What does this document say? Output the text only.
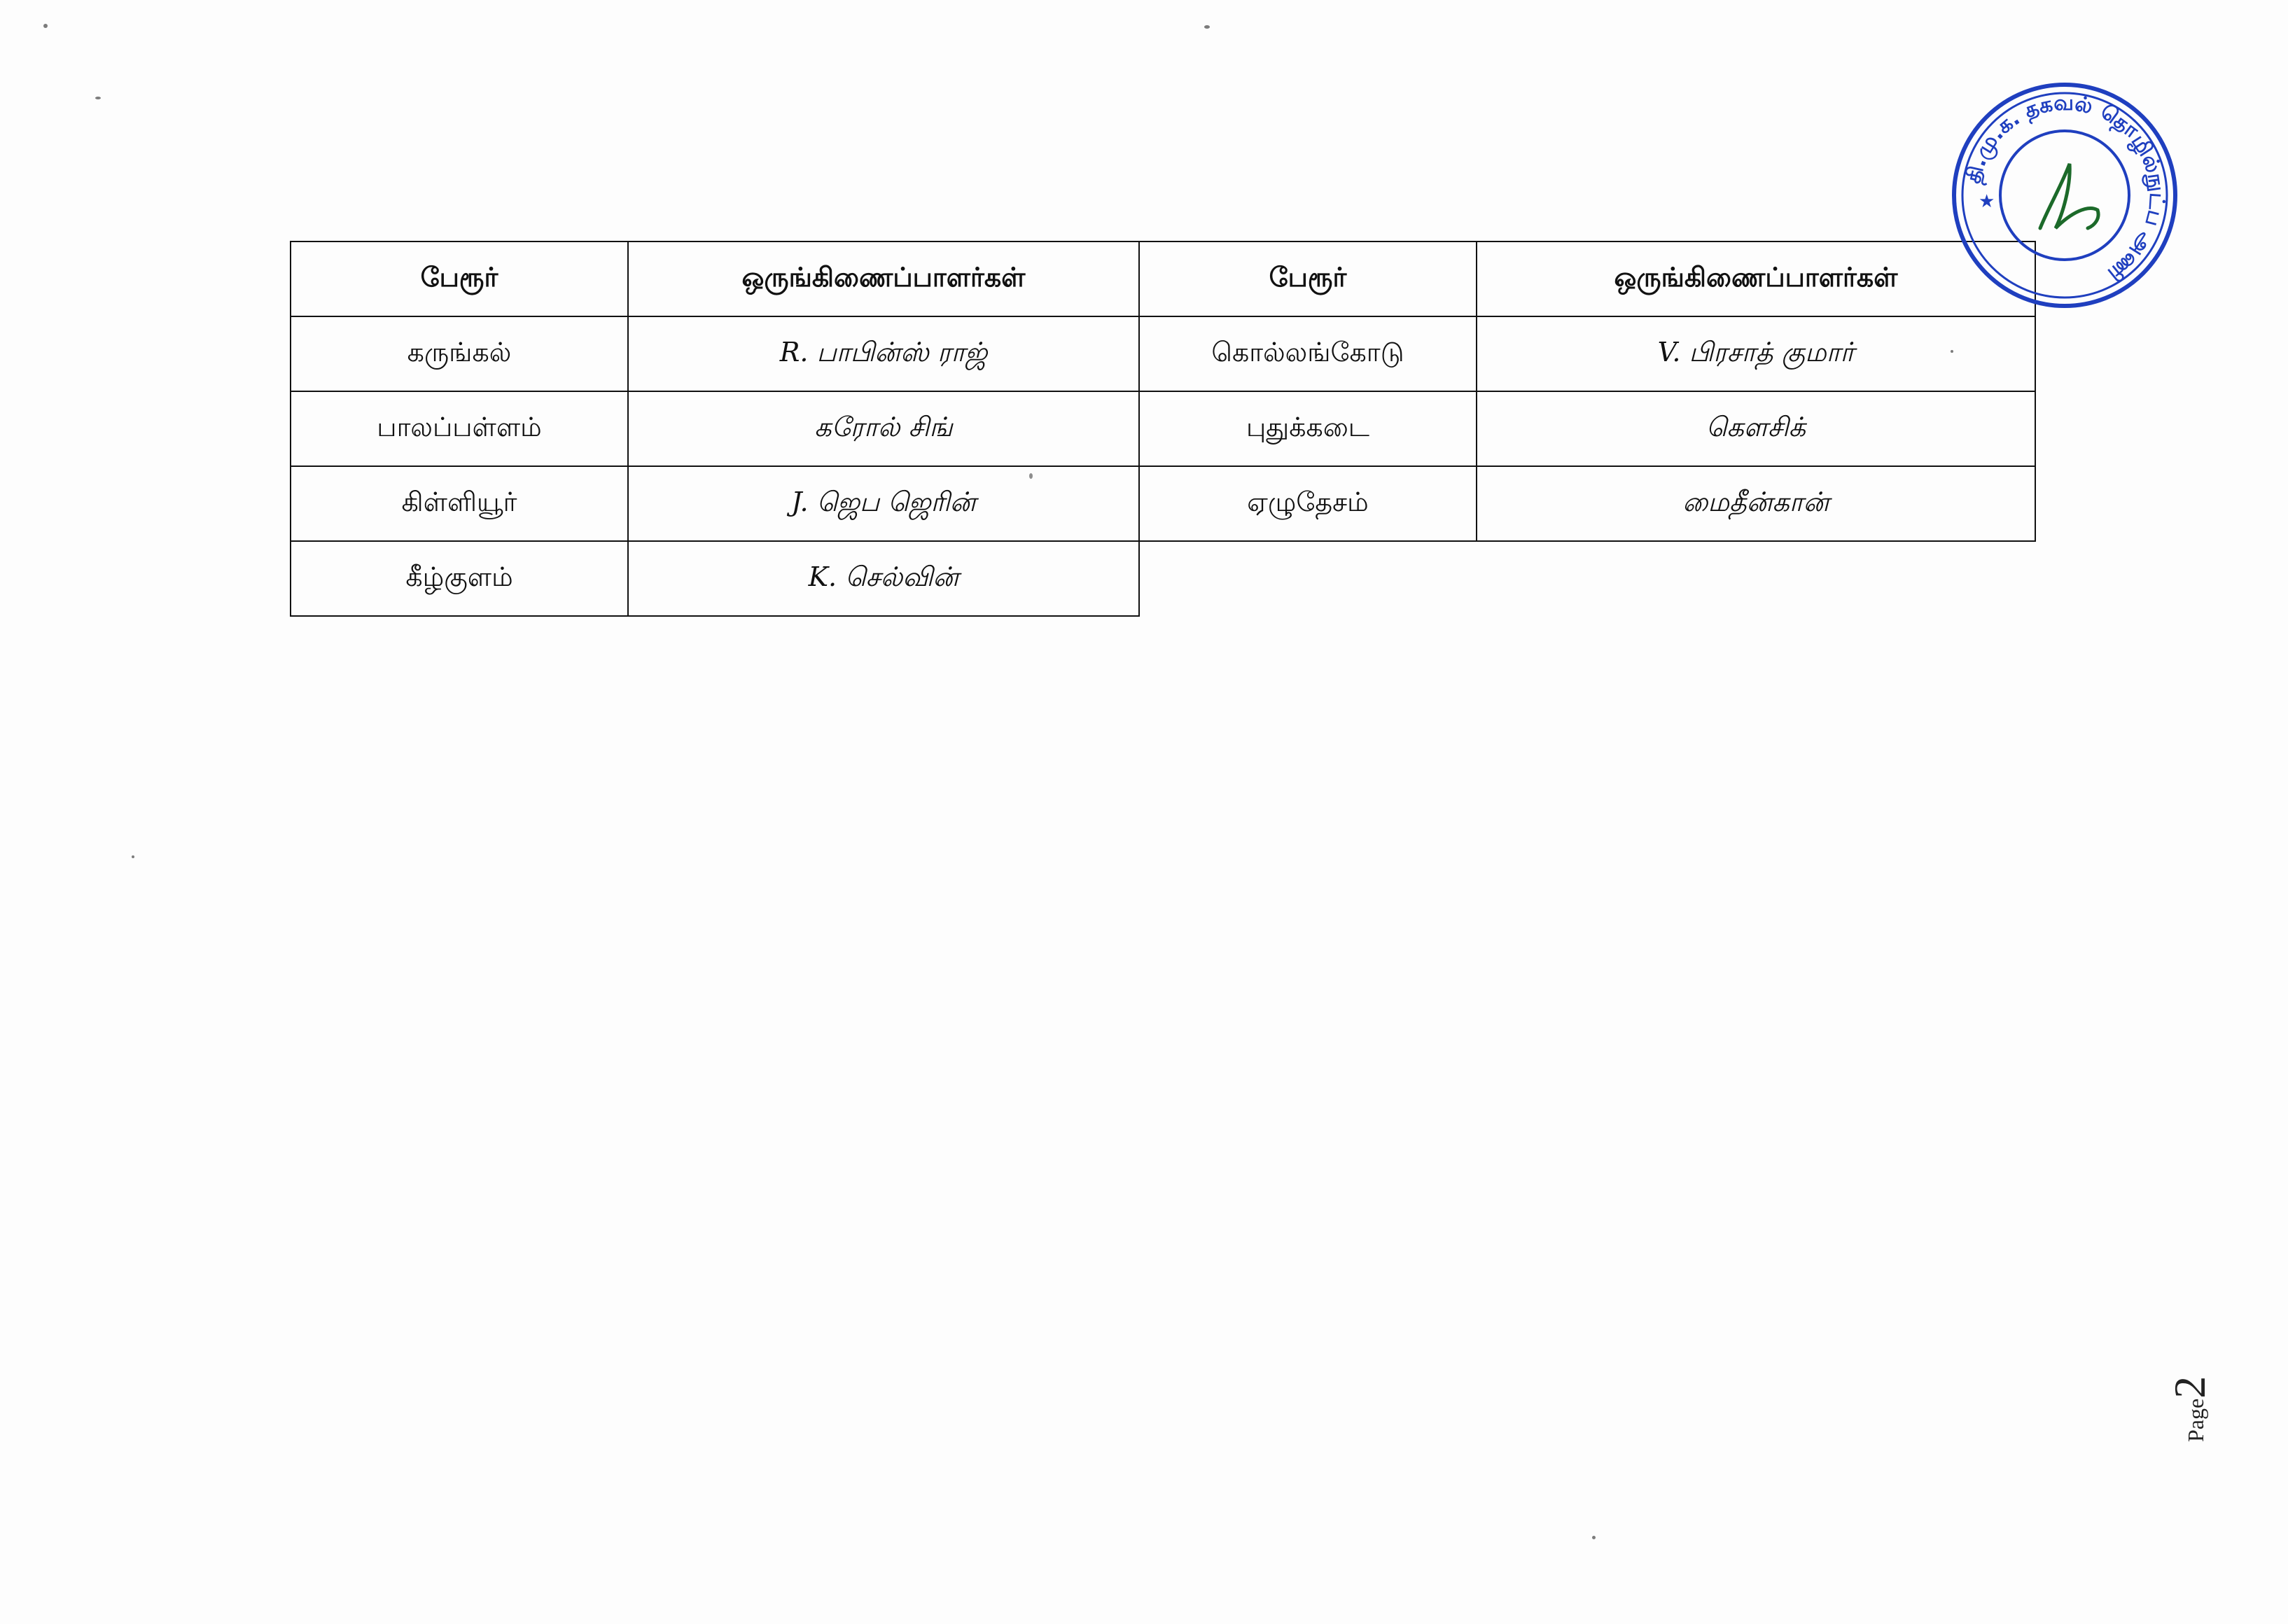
பேரூர்	ஒருங்கிணைப்பாளர்கள்	பேரூர்	ஒருங்கிணைப்பாளர்கள்
கருங்கல்	R. பாபின்ஸ் ராஜ்	கொல்லங்கோடு	V. பிரசாத் குமார்
பாலப்பள்ளம்	கரோல் சிங்	புதுக்கடை	கௌசிக்
கிள்ளியூர்	J. ஜெப ஜெரின்	ஏழுதேசம்	மைதீன்கான்
கீழ்குளம்	K. செல்வின்		
தி.மு.க. தகவல் தொழில்நுட்ப அணி
★
Page
2
